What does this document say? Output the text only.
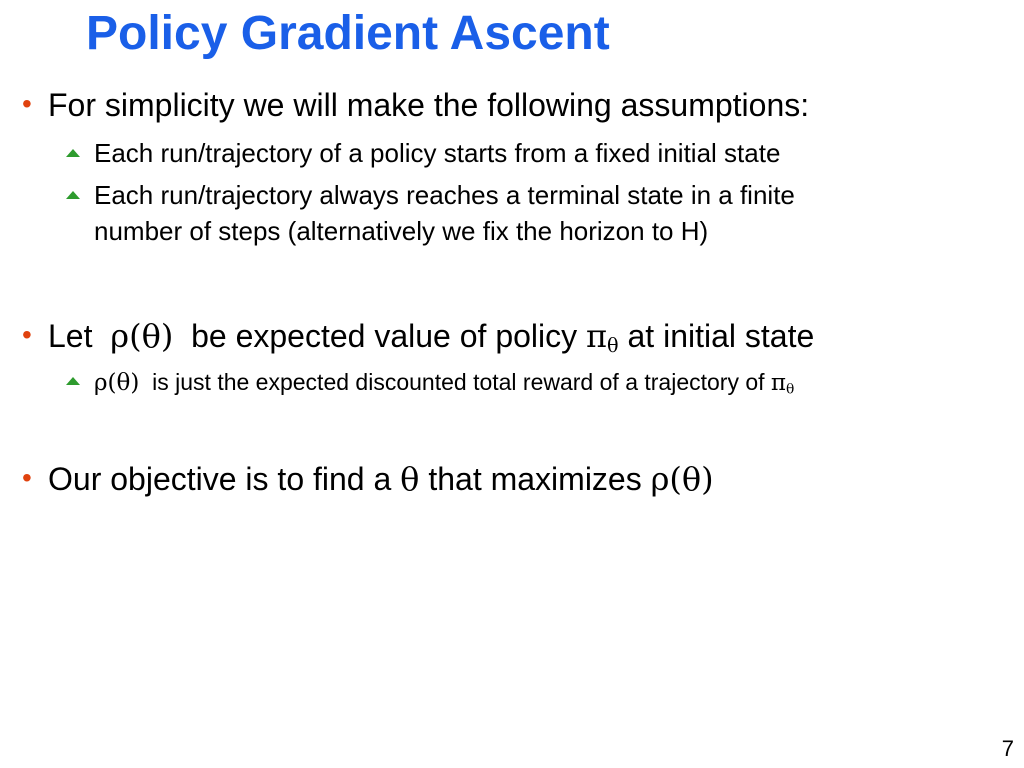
Policy Gradient Ascent
• For simplicity we will make the following assumptions:
Each run/trajectory of a policy starts from a fixed initial state
Each run/trajectory always reaches a terminal state in a finite
number of steps (alternatively we fix the horizon to H)
• Let ρ(θ) be expected value of policy $\pi_\theta$ at initial state
ρ(θ) is just the expected discounted total reward of a trajectory of $\pi_\theta$
• Our objective is to find a θ that maximizes ρ(θ)
7
